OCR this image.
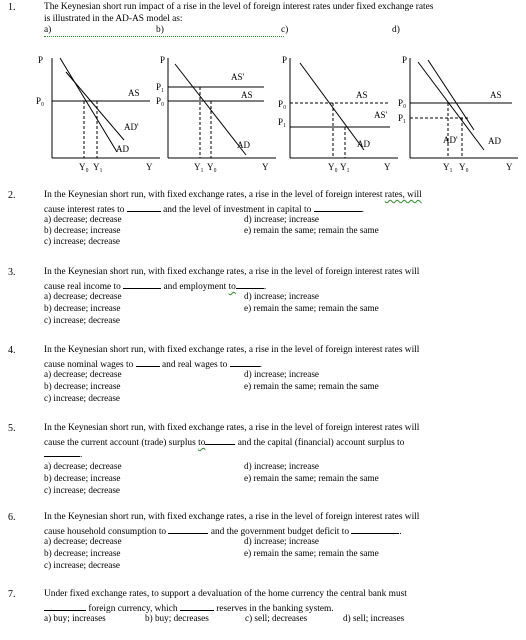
1.	The Keynesian short run impact of a rise in the level of foreign interest rates under fixed exchange rates
is illustrated in the AD-AS model as:
a)	b)	c)	d)
P
Y
P₀
AS
AD'
AD
Y₀ Y₁
P
Y
P₁
P₀
AS'
AS
AD
Y₁ Y₀
P
Y
P₀
P₁
AS
AD
Y₀ Y₁
P
Y
P₀
P₁
AS
AS'
AD'	AD
Y₁ Y₀
2.	In the Keynesian short run, with fixed exchange rates, a rise in the level of foreign interest rates, will
cause interest rates to	and the level of investment in capital to	.
a) decrease; decrease
b) decrease; increase
c) increase; decrease
d) increase; increase
e) remain the same; remain the same
3.	In the Keynesian short run, with fixed exchange rates, a rise in the level of foreign interest rates will
cause real income to	and employment to	.
a) decrease; decrease
b) decrease; increase
c) increase; decrease
d) increase; increase
e) remain the same; remain the same
4.	In the Keynesian short run, with fixed exchange rates, a rise in the level of foreign interest rates will
cause nominal wages to	and real wages to	.
a) decrease; decrease
b) decrease; increase
c) increase; decrease
d) increase; increase
e) remain the same; remain the same
5.	In the Keynesian short run, with fixed exchange rates, a rise in the level of foreign interest rates will
cause the current account (trade) surplus to	and the capital (financial) account surplus to
.
a) decrease; decrease
b) decrease; increase
c) increase; decrease
d) increase; increase
e) remain the same; remain the same
6.	In the Keynesian short run, with fixed exchange rates, a rise in the level of foreign interest rates will
cause household consumption to	and the government budget deficit to	.
a) decrease; decrease
b) decrease; increase
c) increase; decrease
d) increase; increase
e) remain the same; remain the same
7.	Under fixed exchange rates, to support a devaluation of the home currency the central bank must
foreign currency, which	reserves in the banking system.
a) buy; increases	b) buy; decreases	c) sell; decreases	d) sell; increases
